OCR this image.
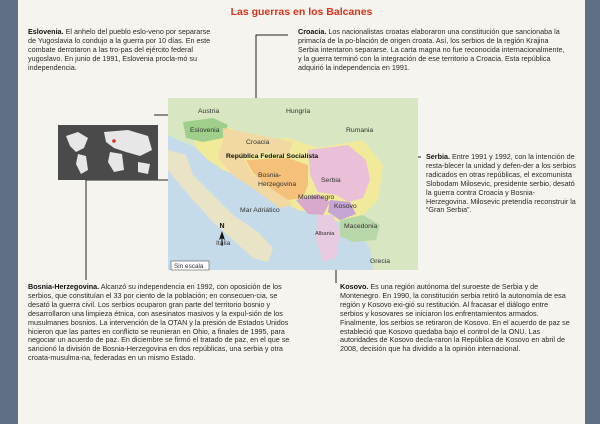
Las guerras en los Balcanes
Austria	Hungría
Eslovenia
Croacia
Rumania
República Federal Socialista
Bosnia-
Herzegovina
Serbia
Montenegro
Kosovo
Macedonia
Albania
Mar Adriático
Italia
Grecia
N
Sin escala
Eslovenia. El anhelo del pueblo eslo-veno por separarse de Yugoslavia lo condujo a la guerra por 10 días. En este combate derrotaron a las tro-pas del ejército federal yugoslavo. En junio de 1991, Eslovenia procla-mó su independencia.
Croacia. Los nacionalistas croatas elaboraron una constitución que sancionaba la primacía de la po-blación de origen croata. Así, los serbios de la región Krajina Serbia intentaron separarse. La carta magna no fue reconocida internacionalmente, y la guerra terminó con la integración de ese territorio a Croacia. Esta república adquirió la independencia en 1991.
Serbia. Entre 1991 y 1992, con la intención de resta-blecer la unidad y defen-der a los serbios radicados en otras repúblicas, el excomunista Slobodam Milosevic, presidente serbio, desató la guerra contra Croacia y Bosnia-Herzegovina. Milosevic pretendía reconstruir la “Gran Serbia”.
Bosnia-Herzegovina. Alcanzó su independencia en 1992, con oposición de los serbios, que constituían el 33 por ciento de la población; en consecuen-cia, se desató la guerra civil. Los serbios ocuparon gran parte del territorio bosnio y desarrollaron una limpieza étnica, con asesinatos masivos y la expul-sión de los musulmanes bosnios. La intervención de la OTAN y la presión de Estados Unidos hicieron que las partes en conflicto se reunieran en Ohio, a finales de 1995, para negociar un acuerdo de paz. En diciembre se firmó el tratado de paz, en el que se sancionó la división de Bosnia-Herzegovina en dos repúblicas, una serbia y otra croata-musulma-na, federadas en un mismo Estado.
Kosovo. Es una región autónoma del suroeste de Serbia y de Montenegro. En 1990, la constitución serbia retiró la autonomía de esa región y Kosovo exi-gió su restitución. Al fracasar el diálogo entre serbios y kosovares se iniciaron los enfrentamientos armados. Finalmente, los serbios se retiraron de Kosovo. En el acuerdo de paz se estableció que Kosovo quedaba bajo el control de la ONU. Las autoridades de Kosovo decla-raron la República de Kosovo en abril de 2008, decisión que ha dividido a la opinión internacional.
